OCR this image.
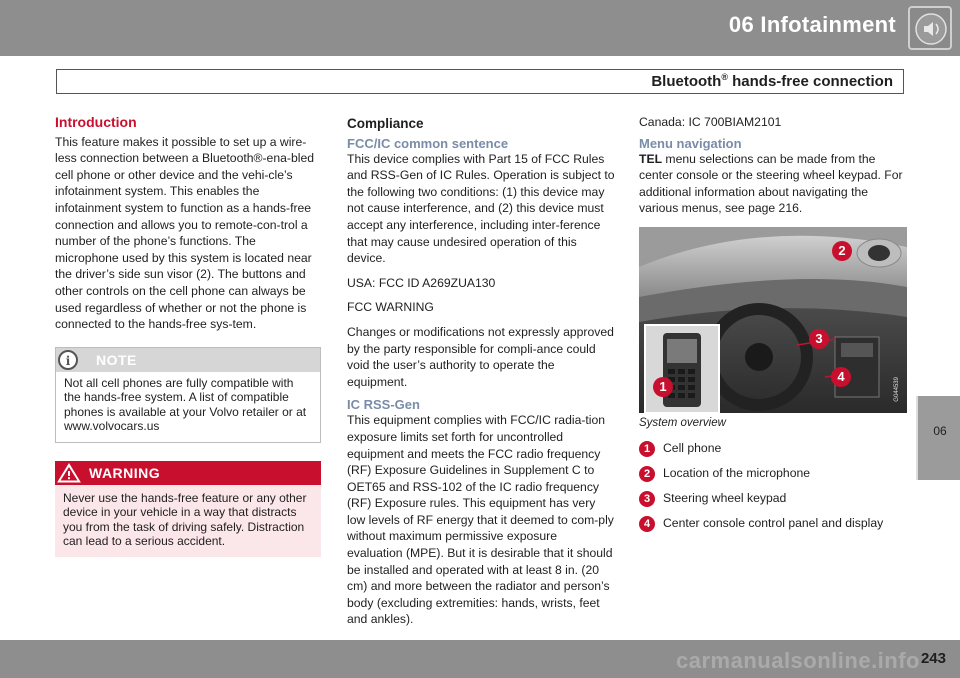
06 Infotainment
Bluetooth® hands-free connection
06
Introduction

This feature makes it possible to set up a wire-less connection between a Bluetooth®-ena-bled cell phone or other device and the vehi-cle’s infotainment system. This enables the infotainment system to function as a hands-free connection and allows you to remote-con-trol a number of the phone’s functions. The microphone used by this system is located near the driver’s side sun visor (2). The buttons and other controls on the cell phone can always be used regardless of whether or not the phone is connected to the hands-free sys-tem.

i	NOTE
Not all cell phones are fully compatible with the hands-free system. A list of compatible phones is available at your Volvo retailer or at www.volvocars.us
WARNING
Never use the hands-free feature or any other device in your vehicle in a way that distracts you from the task of driving safely. Distraction can lead to a serious accident.
Compliance
FCC/IC common sentence

This device complies with Part 15 of FCC Rules and RSS-Gen of IC Rules. Operation is subject to the following two conditions: (1) this device may not cause interference, and (2) this device must accept any interference, including inter-ference that may cause undesired operation of this device.

USA: FCC ID A269ZUA130

FCC WARNING

Changes or modifications not expressly approved by the party responsible for compli-ance could void the user’s authority to operate the equipment.

IC RSS-Gen

This equipment complies with FCC/IC radia-tion exposure limits set forth for uncontrolled equipment and meets the FCC radio frequency (RF) Exposure Guidelines in Supplement C to OET65 and RSS-102 of the IC radio frequency (RF) Exposure rules. This equipment has very low levels of RF energy that it deemed to com-ply without maximum permissive exposure evaluation (MPE). But it is desirable that it should be installed and operated with at least 8 in. (20 cm) and more between the radiator and person’s body (excluding extremities: hands, wrists, feet and ankles).

Canada: IC 700BIAM2101

Menu navigation

TEL menu selections can be made from the center console or the steering wheel keypad. For additional information about navigating the various menus, see page 216.

1
2
3
4
G044539
System overview
1	Cell phone
2	Location of the microphone
3	Steering wheel keypad
4	Center console control panel and display
carmanualsonline.info 243
